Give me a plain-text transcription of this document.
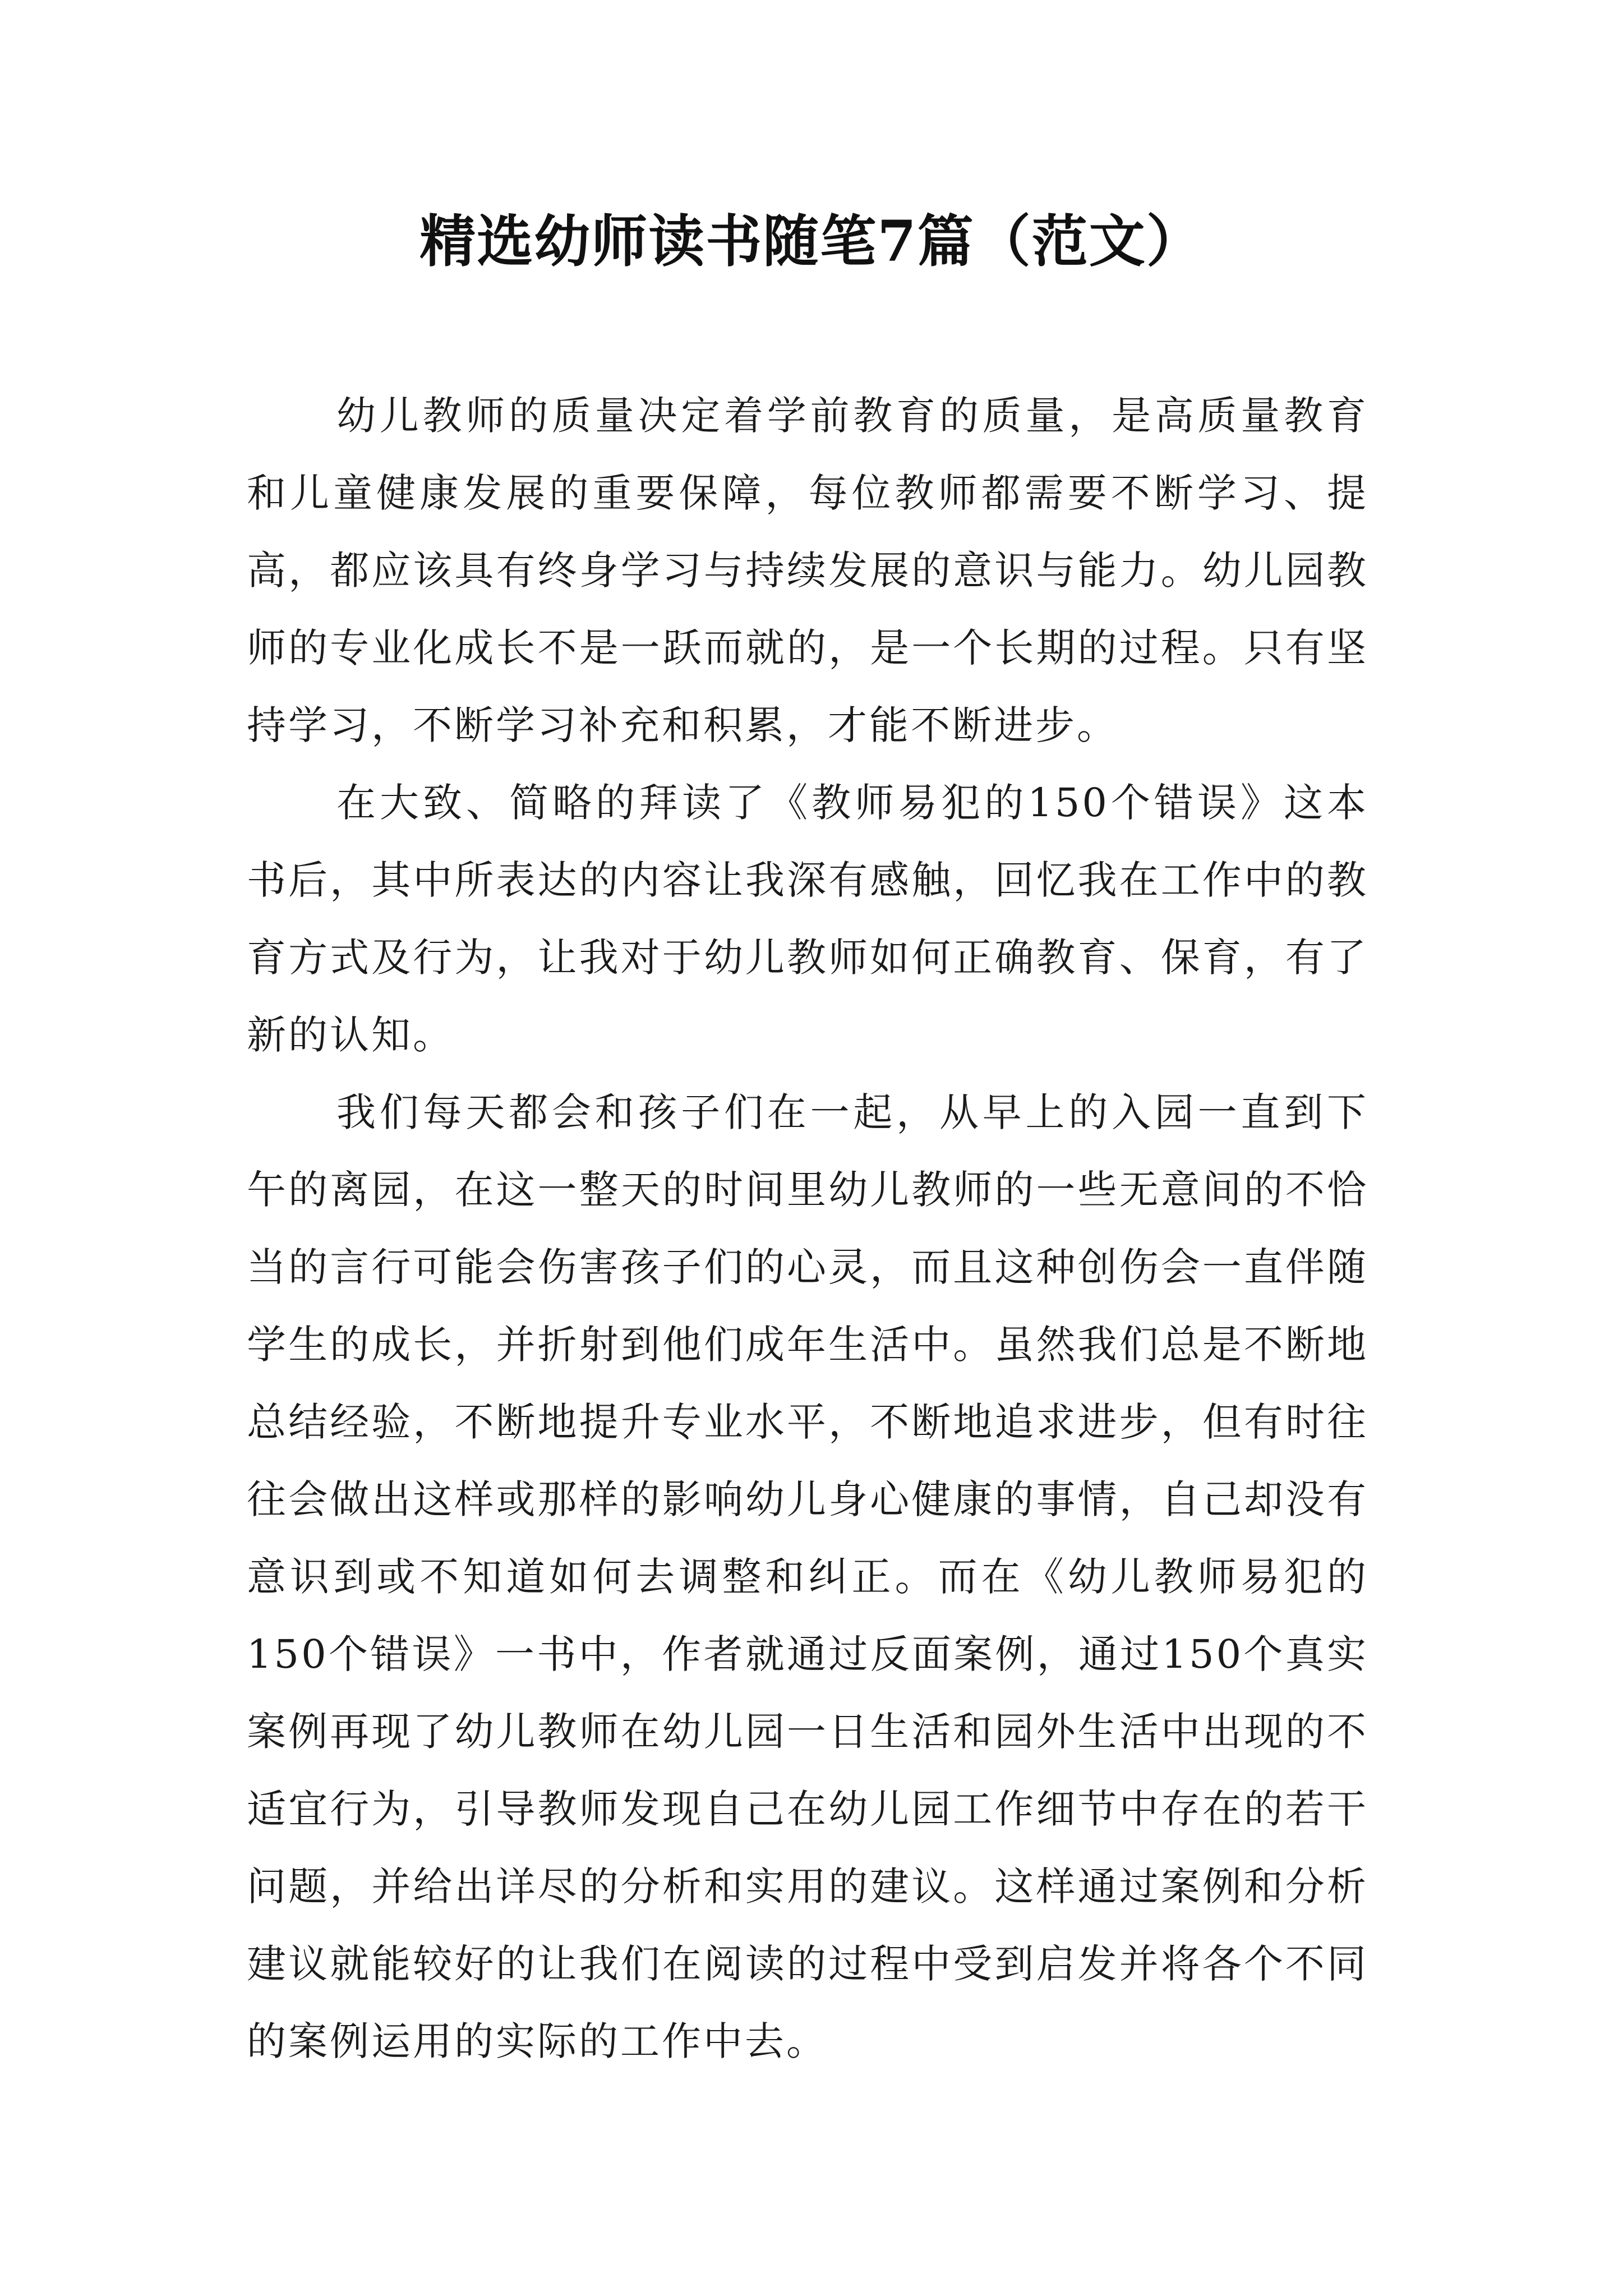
精选幼师读书随笔7篇（范文）

幼儿教师的质量决定着学前教育的质量，是高质量教育和儿童健康发展的重要保障，每位教师都需要不断学习、提高，都应该具有终身学习与持续发展的意识与能力。幼儿园教师的专业化成长不是一跃而就的，是一个长期的过程。只有坚持学习，不断学习补充和积累，才能不断进步。

在大致、简略的拜读了《教师易犯的150个错误》这本书后，其中所表达的内容让我深有感触，回忆我在工作中的教育方式及行为，让我对于幼儿教师如何正确教育、保育，有了新的认知。

我们每天都会和孩子们在一起，从早上的入园一直到下午的离园，在这一整天的时间里幼儿教师的一些无意间的不恰当的言行可能会伤害孩子们的心灵，而且这种创伤会一直伴随学生的成长，并折射到他们成年生活中。虽然我们总是不断地总结经验，不断地提升专业水平，不断地追求进步，但有时往往会做出这样或那样的影响幼儿身心健康的事情，自己却没有意识到或不知道如何去调整和纠正。而在《幼儿教师易犯的150个错误》一书中，作者就通过反面案例，通过150个真实案例再现了幼儿教师在幼儿园一日生活和园外生活中出现的不适宜行为，引导教师发现自己在幼儿园工作细节中存在的若干问题，并给出详尽的分析和实用的建议。这样通过案例和分析建议就能较好的让我们在阅读的过程中受到启发并将各个不同的案例运用的实际的工作中去。
